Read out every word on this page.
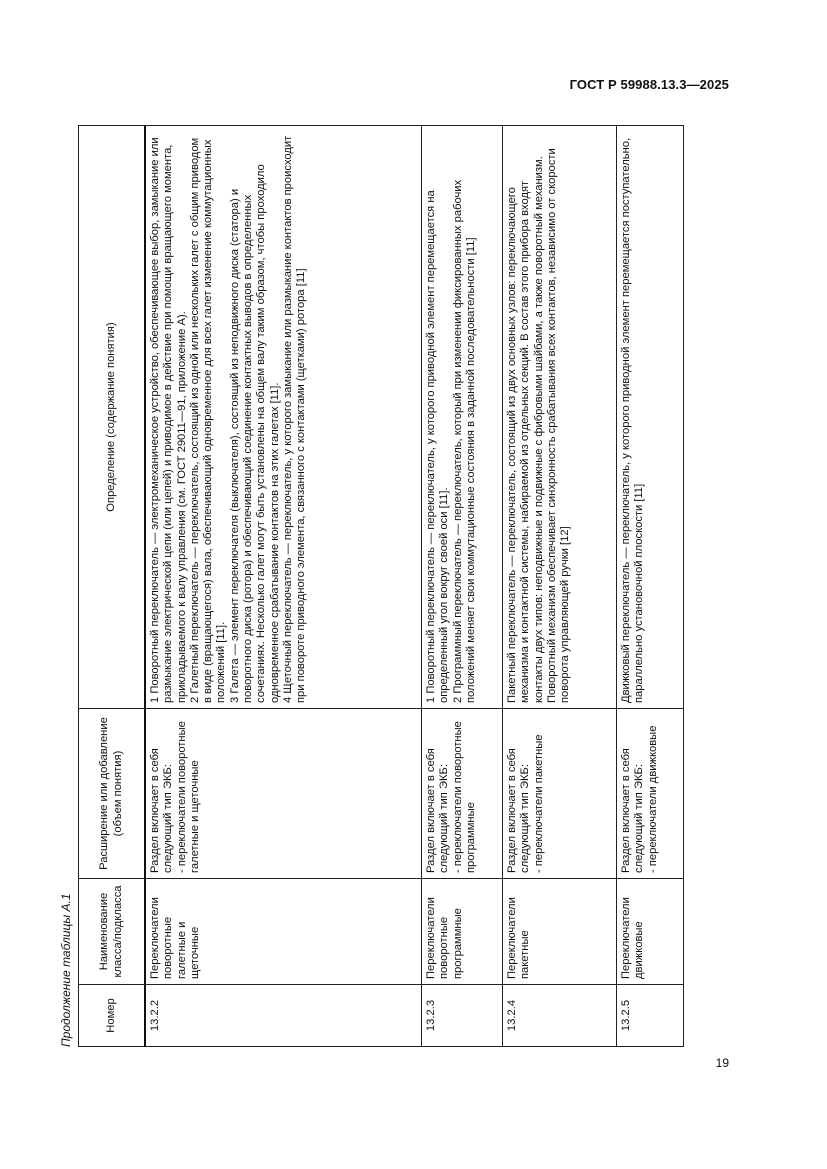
ГОСТ Р 59988.13.3—2025
Продолжение таблицы А.1	Номер	Наименование класса/подкласса	Расширение или добавление (объем понятия)	Определение (содержание понятия)
13.2.2	Переключатели поворотные галетные и щеточные	Раздел включает в себя следующий тип ЭКБ: - переключатели поворотные галетные и щеточные	1 Поворотный переключатель — электромеханическое устройство, обеспечивающее выбор, замыкание или размыкание электрической цепи (или цепей) и приводимое в действие при помощи вращающего момента, прикладываемого к валу управления (см. ГОСТ 29011—91, приложение А). 2 Галетный переключатель — переключатель, состоящий из одной или нескольких галет с общим приводом в виде (вращающегося) вала, обеспечивающий одновременное для всех галет изменение коммутационных положений [11]. 3 Галета — элемент переключателя (выключателя), состоящий из неподвижного диска (статора) и поворотного диска (ротора) и обеспечивающий соединение контактных выводов в определенных сочетаниях. Несколько галет могут быть установлены на общем валу таким образом, чтобы проходило одновременное срабатывание контактов на этих галетах [11]. 4 Щеточный переключатель — переключатель, у которого замыкание или размыкание контактов происходит при повороте приводного элемента, связанного с контактами (щетками) ротора [11]

13.2.3	Переключатели поворотные программные	Раздел включает в себя следующий тип ЭКБ: - переключатели поворотные программные	1 Поворотный переключатель — переключатель, у которого приводной элемент перемещается на определенный угол вокруг своей оси [11]. 2 Программный переключатель — переключатель, который при изменении фиксированных рабочих положений меняет свои коммутационные состояния в заданной последовательности [11]

13.2.4	Переключатели пакетные	Раздел включает в себя следующий тип ЭКБ: - переключатели пакетные	Пакетный переключатель — переключатель, состоящий из двух основных узлов: переключающего механизма и контактной системы, набираемой из отдельных секций. В состав этого прибора входят контакты двух типов: неподвижные и подвижные с фибровыми шайбами, а также поворотный механизм. Поворотный механизм обеспечивает синхронность срабатывания всех контактов, независимо от скорости поворота управляющей ручки [12]

13.2.5	Переключатели движковые	Раздел включает в себя следующий тип ЭКБ: - переключатели движковые	Движковый переключатель — переключатель, у которого приводной элемент перемещается поступательно, параллельно установочной плоскости [11]
19
